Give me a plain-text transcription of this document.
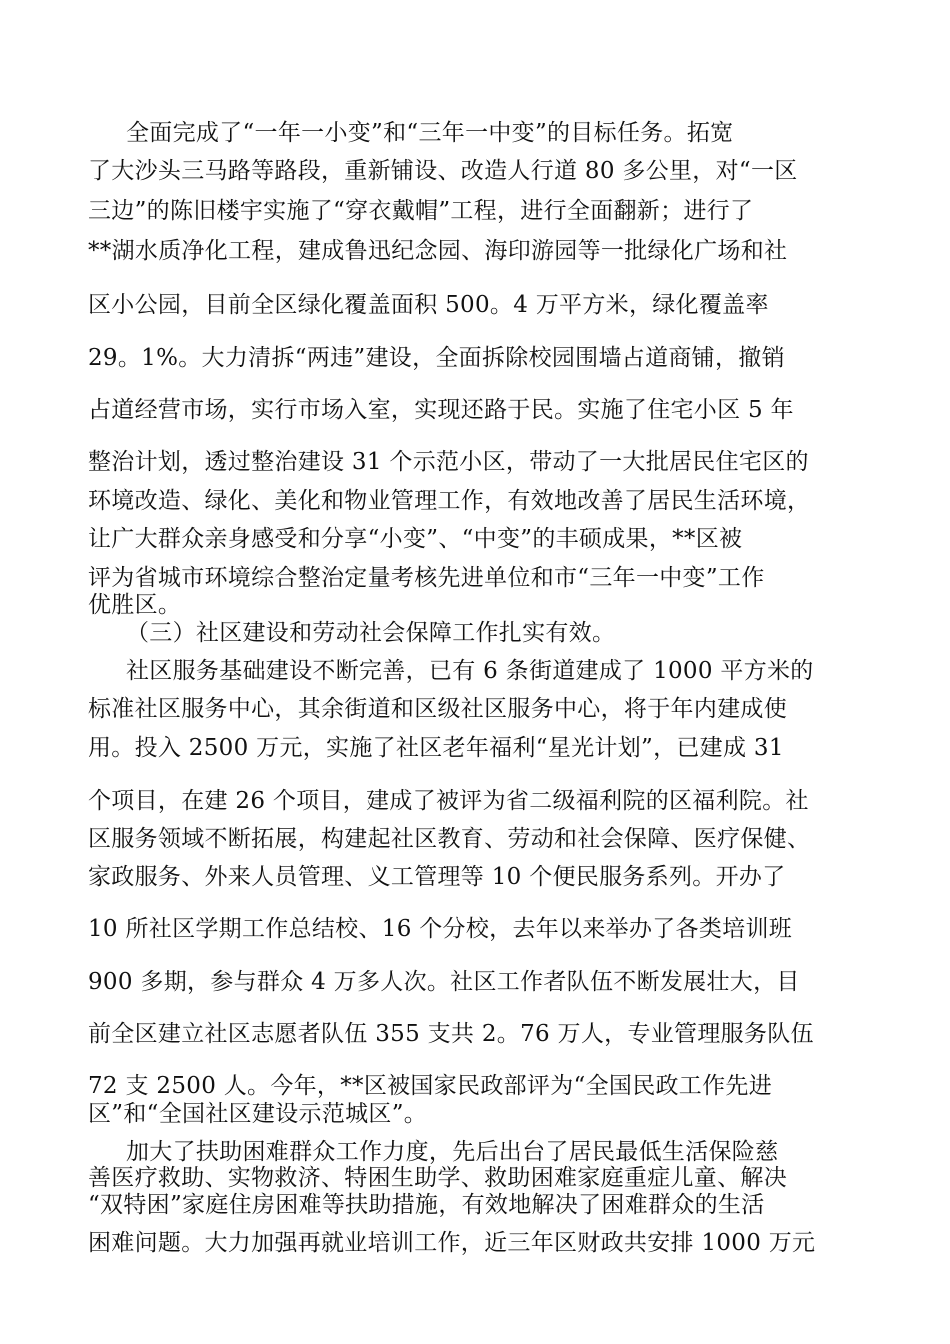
全面完成了“一年一小变”和“三年一中变”的目标任务。拓宽

了大沙头三马路等路段，重新铺设、改造人行道 80 多公里，对“一区

三边”的陈旧楼宇实施了“穿衣戴帽”工程，进行全面翻新；进行了

**湖水质净化工程，建成鲁迅纪念园、海印游园等一批绿化广场和社

区小公园，目前全区绿化覆盖面积 500。4 万平方米，绿化覆盖率

29。1%。大力清拆“两违”建设，全面拆除校园围墙占道商铺，撤销

占道经营市场，实行市场入室，实现还路于民。实施了住宅小区 5 年

整治计划，透过整治建设 31 个示范小区，带动了一大批居民住宅区的

环境改造、绿化、美化和物业管理工作，有效地改善了居民生活环境，

让广大群众亲身感受和分享“小变”、“中变”的丰硕成果，**区被

评为省城市环境综合整治定量考核先进单位和市“三年一中变”工作

优胜区。

（三）社区建设和劳动社会保障工作扎实有效。

社区服务基础建设不断完善，已有 6 条街道建成了 1000 平方米的

标准社区服务中心，其余街道和区级社区服务中心，将于年内建成使

用。投入 2500 万元，实施了社区老年福利“星光计划”，已建成 31

个项目，在建 26 个项目，建成了被评为省二级福利院的区福利院。社

区服务领域不断拓展，构建起社区教育、劳动和社会保障、医疗保健、

家政服务、外来人员管理、义工管理等 10 个便民服务系列。开办了

10 所社区学期工作总结校、16 个分校，去年以来举办了各类培训班

900 多期，参与群众 4 万多人次。社区工作者队伍不断发展壮大，目

前全区建立社区志愿者队伍 355 支共 2。76 万人，专业管理服务队伍

72 支 2500 人。今年，**区被国家民政部评为“全国民政工作先进

区”和“全国社区建设示范城区”。

加大了扶助困难群众工作力度，先后出台了居民最低生活保险慈

善医疗救助、实物救济、特困生助学、救助困难家庭重症儿童、解决

“双特困”家庭住房困难等扶助措施，有效地解决了困难群众的生活

困难问题。大力加强再就业培训工作，近三年区财政共安排 1000 万元
